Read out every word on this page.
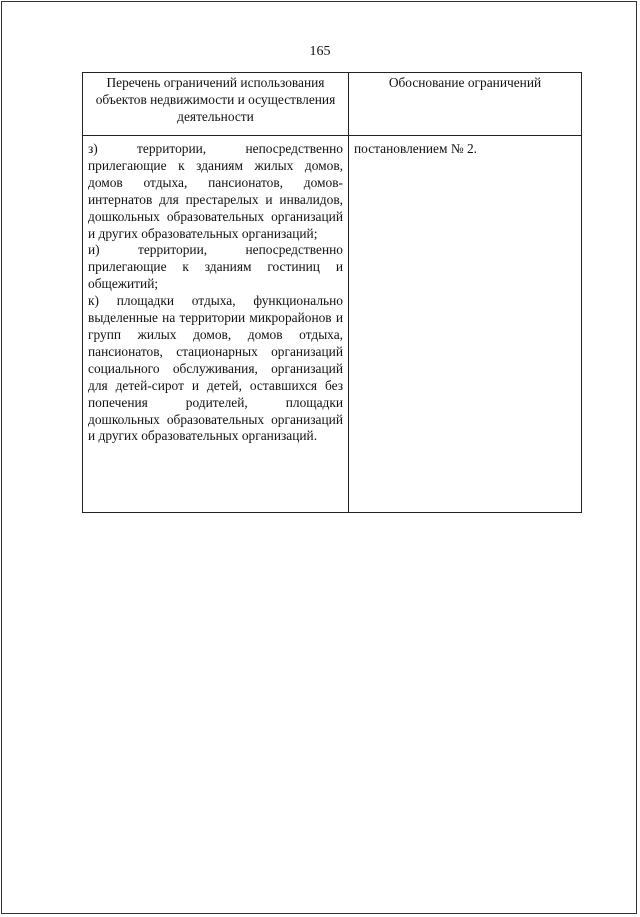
165
Перечень ограничений использования объектов недвижимости и осуществления деятельности	Обоснование ограничений

з) территории, непосредственно прилегающие к зданиям жилых домов, домов отдыха, пансионатов, домов-интернатов для престарелых и инвалидов, дошкольных образовательных организаций и других образовательных организаций;
и) территории, непосредственно прилегающие к зданиям гостиниц и общежитий;
к) площадки отдыха, функционально выделенные на территории микрорайонов и групп жилых домов, домов отдыха, пансионатов, стационарных организаций социального обслуживания, организаций для детей-сирот и детей, оставшихся без попечения родителей, площадки дошкольных образовательных организаций и других образовательных организаций.	постановлением № 2.
